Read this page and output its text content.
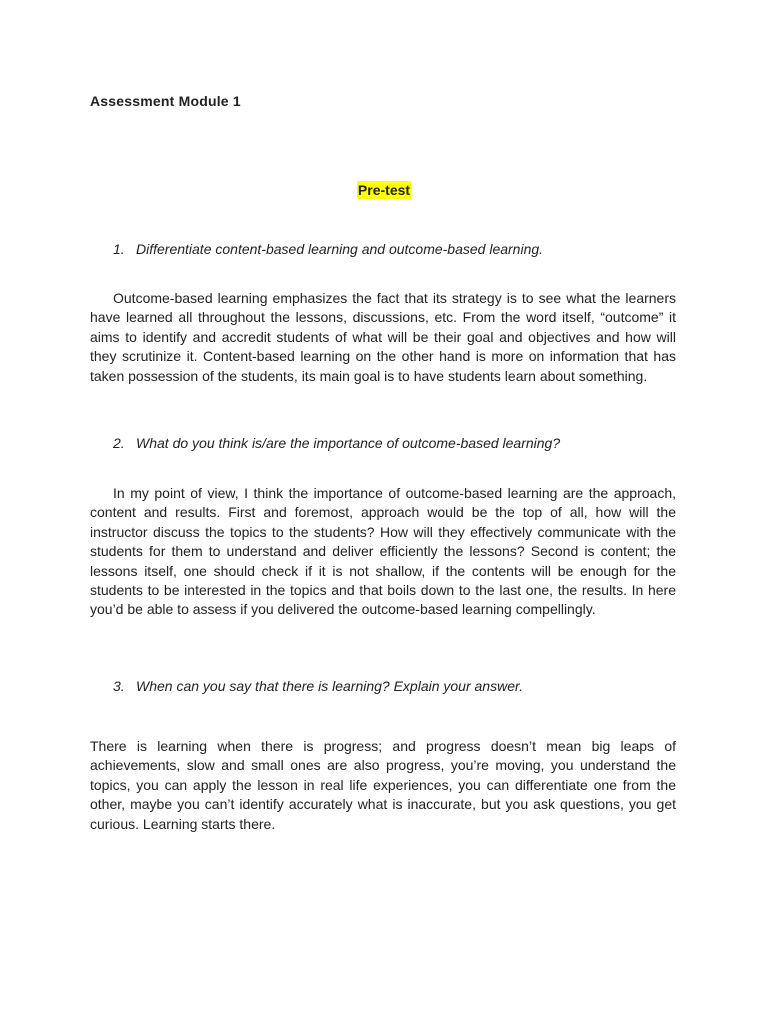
Assessment Module 1
Pre-test

1. Differentiate content-based learning and outcome-based learning.

Outcome-based learning emphasizes the fact that its strategy is to see what the learners have learned all throughout the lessons, discussions, etc. From the word itself, “outcome” it aims to identify and accredit students of what will be their goal and objectives and how will they scrutinize it. Content-based learning on the other hand is more on information that has taken possession of the students, its main goal is to have students learn about something.

2. What do you think is/are the importance of outcome-based learning?

In my point of view, I think the importance of outcome-based learning are the approach, content and results. First and foremost, approach would be the top of all, how will the instructor discuss the topics to the students? How will they effectively communicate with the students for them to understand and deliver efficiently the lessons? Second is content; the lessons itself, one should check if it is not shallow, if the contents will be enough for the students to be interested in the topics and that boils down to the last one, the results. In here you’d be able to assess if you delivered the outcome-based learning compellingly.

3. When can you say that there is learning? Explain your answer.

There is learning when there is progress; and progress doesn’t mean big leaps of achievements, slow and small ones are also progress, you’re moving, you understand the topics, you can apply the lesson in real life experiences, you can differentiate one from the other, maybe you can’t identify accurately what is inaccurate, but you ask questions, you get curious. Learning starts there.
